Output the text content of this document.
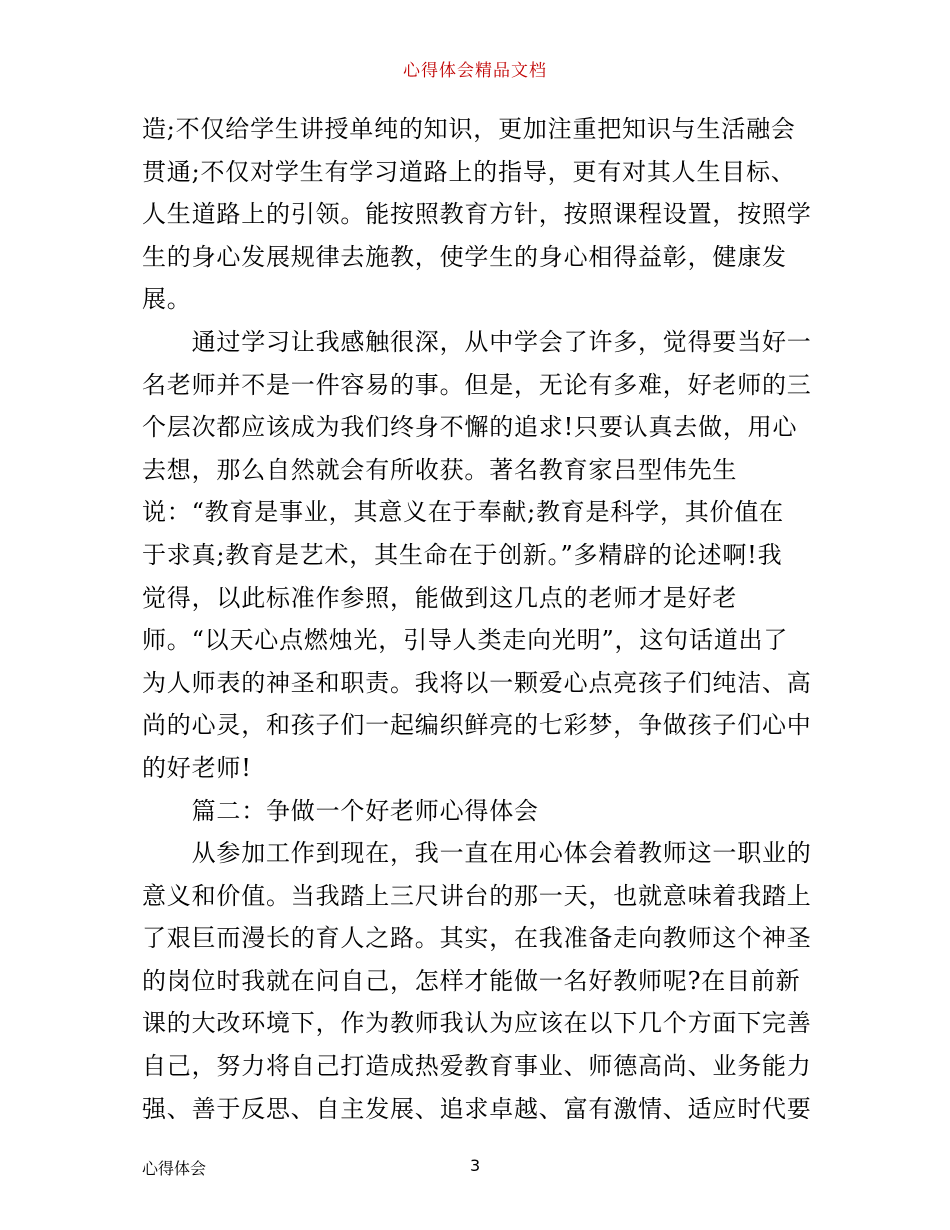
心得体会精品文档
造;不仅给学生讲授单纯的知识，更加注重把知识与生活融会
贯通;不仅对学生有学习道路上的指导，更有对其人生目标、
人生道路上的引领。能按照教育方针，按照课程设置，按照学
生的身心发展规律去施教，使学生的身心相得益彰，健康发
展。
　　通过学习让我感触很深，从中学会了许多，觉得要当好一
名老师并不是一件容易的事。但是，无论有多难，好老师的三
个层次都应该成为我们终身不懈的追求!只要认真去做，用心
去想，那么自然就会有所收获。著名教育家吕型伟先生
说：“教育是事业，其意义在于奉献;教育是科学，其价值在
于求真;教育是艺术，其生命在于创新。”多精辟的论述啊!我
觉得，以此标准作参照，能做到这几点的老师才是好老
师。“以天心点燃烛光，引导人类走向光明”，这句话道出了
为人师表的神圣和职责。我将以一颗爱心点亮孩子们纯洁、高
尚的心灵，和孩子们一起编织鲜亮的七彩梦，争做孩子们心中
的好老师!
　　篇二：争做一个好老师心得体会
　　从参加工作到现在，我一直在用心体会着教师这一职业的
意义和价值。当我踏上三尺讲台的那一天，也就意味着我踏上
了艰巨而漫长的育人之路。其实，在我准备走向教师这个神圣
的岗位时我就在问自己，怎样才能做一名好教师呢?在目前新
课的大改环境下，作为教师我认为应该在以下几个方面下完善
自己，努力将自己打造成热爱教育事业、师德高尚、业务能力
强、善于反思、自主发展、追求卓越、富有激情、适应时代要
心得体会	3
